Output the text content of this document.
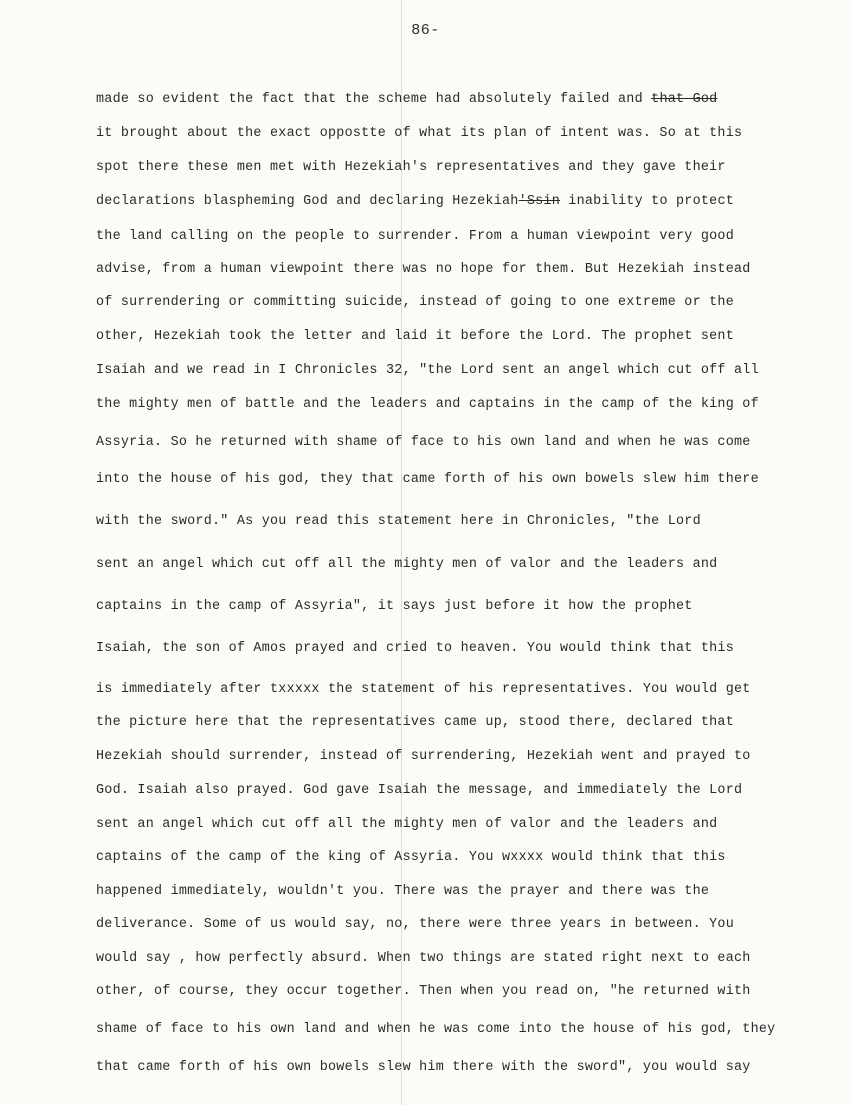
86-
made so evident the fact that the scheme had absolutely failed and that God
it brought about the exact oppostte of what its plan of intent was. So at this
spot there these men met with Hezekiah's representatives and they gave their
declarations blaspheming God and declaring Hezekiah'Ssin inability to protect
the land calling on the people to surrender. From a human viewpoint very good
advise, from a human viewpoint there was no hope for them. But Hezekiah instead
of surrendering or committing suicide, instead of going to one extreme or the
other, Hezekiah took the letter and laid it before the Lord. The prophet sent
Isaiah and we read in I Chronicles 32, "the Lord sent an angel which cut off all
the mighty men of battle and the leaders and captains in the camp of the king of
Assyria. So he returned with shame of face to his own land and when he was come
into the house of his god, they that came forth of his own bowels slew him there
with the sword." As you read this statement here in Chronicles, "the Lord
sent an angel which cut off all the mighty men of valor and the leaders and
captains in the camp of Assyria", it says just before it how the prophet
Isaiah, the son of Amos prayed and cried to heaven. You would think that this
is immediately after txxxxx the statement of his representatives. You would get
the picture here that the representatives came up, stood there, declared that
Hezekiah should surrender, instead of surrendering, Hezekiah went and prayed to
God. Isaiah also prayed. God gave Isaiah the message, and immediately the Lord
sent an angel which cut off all the mighty men of valor and the leaders and
captains of the camp of the king of Assyria. You wxxxx would think that this
happened immediately, wouldn't you. There was the prayer and there was the
deliverance. Some of us would say, no, there were three years in between. You
would say , how perfectly absurd. When two things are stated right next to each
other, of course, they occur together. Then when you read on, "he returned with
shame of face to his own land and when he was come into the house of his god, they
that came forth of his own bowels slew him there with the sword", you would say
